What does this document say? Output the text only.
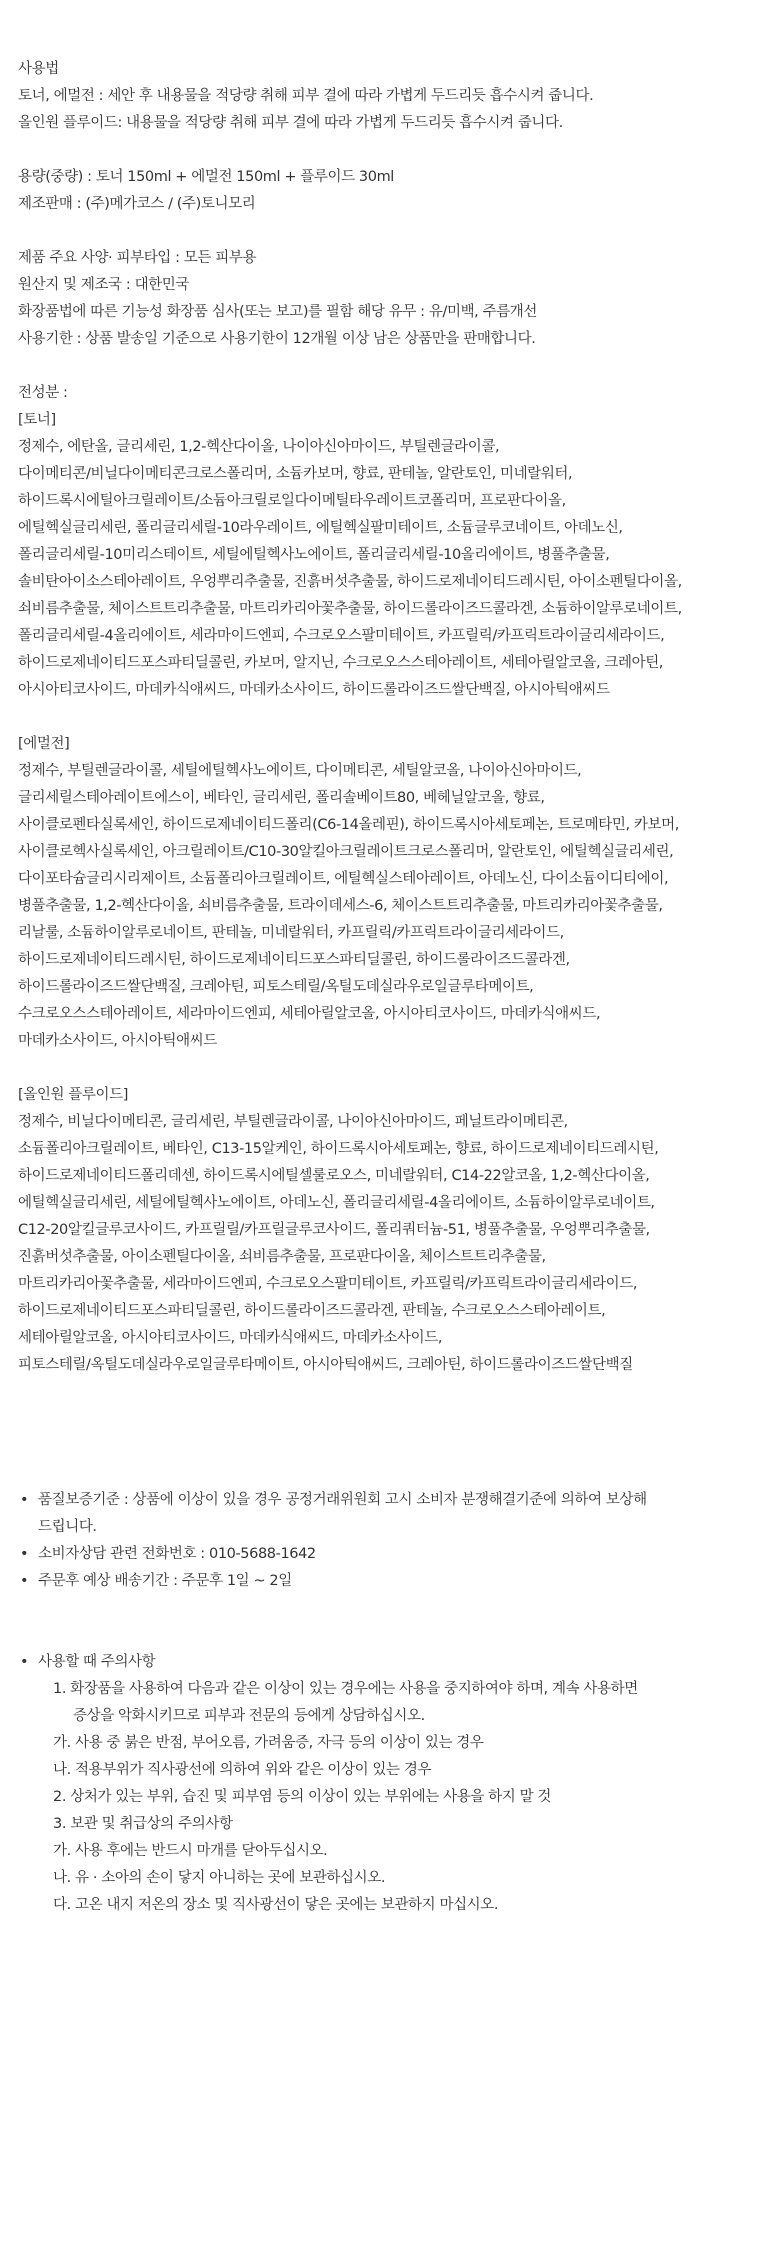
사용법
토너, 에멀전 : 세안 후 내용물을 적당량 취해 피부 결에 따라 가볍게 두드리듯 흡수시켜 줍니다.
올인원 플루이드: 내용물을 적당량 취해 피부 결에 따라 가볍게 두드리듯 흡수시켜 줍니다.
용량(중량) : 토너 150ml + 에멀전 150ml + 플루이드 30ml
제조판매 : (주)메가코스 / (주)토니모리
제품 주요 사양· 피부타입 : 모든 피부용
원산지 및 제조국 : 대한민국
화장품법에 따른 기능성 화장품 심사(또는 보고)를 필함 해당 유무 : 유/미백, 주름개선
사용기한 : 상품 발송일 기준으로 사용기한이 12개월 이상 남은 상품만을 판매합니다.
전성분 :
[토너]
정제수, 에탄올, 글리세린, 1,2-헥산다이올, 나이아신아마이드, 부틸렌글라이콜,
다이메티콘/비닐다이메티콘크로스폴리머, 소듐카보머, 향료, 판테놀, 알란토인, 미네랄워터,
하이드록시에틸아크릴레이트/소듐아크릴로일다이메틸타우레이트코폴리머, 프로판다이올,
에틸헥실글리세린, 폴리글리세릴-10라우레이트, 에틸헥실팔미테이트, 소듐글루코네이트, 아데노신,
폴리글리세릴-10미리스테이트, 세틸에틸헥사노에이트, 폴리글리세릴-10올리에이트, 병풀추출물,
솔비탄아이소스테아레이트, 우엉뿌리추출물, 진흙버섯추출물, 하이드로제네이티드레시틴, 아이소펜틸다이올,
쇠비름추출물, 체이스트트리추출물, 마트리카리아꽃추출물, 하이드롤라이즈드콜라겐, 소듐하이알루로네이트,
폴리글리세릴-4올리에이트, 세라마이드엔피, 수크로오스팔미테이트, 카프릴릭/카프릭트라이글리세라이드,
하이드로제네이티드포스파티딜콜린, 카보머, 알지닌, 수크로오스스테아레이트, 세테아릴알코올, 크레아틴,
아시아티코사이드, 마데카식애씨드, 마데카소사이드, 하이드롤라이즈드쌀단백질, 아시아틱애씨드
[에멀전]
정제수, 부틸렌글라이콜, 세틸에틸헥사노에이트, 다이메티콘, 세틸알코올, 나이아신아마이드,
글리세릴스테아레이트에스이, 베타인, 글리세린, 폴리솔베이트80, 베헤닐알코올, 향료,
사이클로펜타실록세인, 하이드로제네이티드폴리(C6-14올레핀), 하이드록시아세토페논, 트로메타민, 카보머,
사이클로헥사실록세인, 아크릴레이트/C10-30알킬아크릴레이트크로스폴리머, 알란토인, 에틸헥실글리세린,
다이포타슘글리시리제이트, 소듐폴리아크릴레이트, 에틸헥실스테아레이트, 아데노신, 다이소듐이디티에이,
병풀추출물, 1,2-헥산다이올, 쇠비름추출물, 트라이데세스-6, 체이스트트리추출물, 마트리카리아꽃추출물,
리날룰, 소듐하이알루로네이트, 판테놀, 미네랄워터, 카프릴릭/카프릭트라이글리세라이드,
하이드로제네이티드레시틴, 하이드로제네이티드포스파티딜콜린, 하이드롤라이즈드콜라겐,
하이드롤라이즈드쌀단백질, 크레아틴, 피토스테릴/옥틸도데실라우로일글루타메이트,
수크로오스스테아레이트, 세라마이드엔피, 세테아릴알코올, 아시아티코사이드, 마데카식애씨드,
마데카소사이드, 아시아틱애씨드
[올인원 플루이드]
정제수, 비닐다이메티콘, 글리세린, 부틸렌글라이콜, 나이아신아마이드, 페닐트라이메티콘,
소듐폴리아크릴레이트, 베타인, C13-15알케인, 하이드록시아세토페논, 향료, 하이드로제네이티드레시틴,
하이드로제네이티드폴리데센, 하이드록시에틸셀룰로오스, 미네랄워터, C14-22알코올, 1,2-헥산다이올,
에틸헥실글리세린, 세틸에틸헥사노에이트, 아데노신, 폴리글리세릴-4올리에이트, 소듐하이알루로네이트,
C12-20알킬글루코사이드, 카프릴릴/카프릴글루코사이드, 폴리쿼터늄-51, 병풀추출물, 우엉뿌리추출물,
진흙버섯추출물, 아이소펜틸다이올, 쇠비름추출물, 프로판다이올, 체이스트트리추출물,
마트리카리아꽃추출물, 세라마이드엔피, 수크로오스팔미테이트, 카프릴릭/카프릭트라이글리세라이드,
하이드로제네이티드포스파티딜콜린, 하이드롤라이즈드콜라겐, 판테놀, 수크로오스스테아레이트,
세테아릴알코올, 아시아티코사이드, 마데카식애씨드, 마데카소사이드,
피토스테릴/옥틸도데실라우로일글루타메이트, 아시아틱애씨드, 크레아틴, 하이드롤라이즈드쌀단백질
• 품질보증기준 : 상품에 이상이 있을 경우 공정거래위원회 고시 소비자 분쟁해결기준에 의하여 보상해
드립니다.
• 소비자상담 관련 전화번호 : 010-5688-1642
• 주문후 예상 배송기간 : 주문후 1일 ~ 2일
• 사용할 때 주의사항
1. 화장품을 사용하여 다음과 같은 이상이 있는 경우에는 사용을 중지하여야 하며, 계속 사용하면
증상을 악화시키므로 피부과 전문의 등에게 상담하십시오.
가. 사용 중 붉은 반점, 부어오름, 가려움증, 자극 등의 이상이 있는 경우
나. 적용부위가 직사광선에 의하여 위와 같은 이상이 있는 경우
2. 상처가 있는 부위, 습진 및 피부염 등의 이상이 있는 부위에는 사용을 하지 말 것
3. 보관 및 취급상의 주의사항
가. 사용 후에는 반드시 마개를 닫아두십시오.
나. 유 · 소아의 손이 닿지 아니하는 곳에 보관하십시오.
다. 고온 내지 저온의 장소 및 직사광선이 닿은 곳에는 보관하지 마십시오.
